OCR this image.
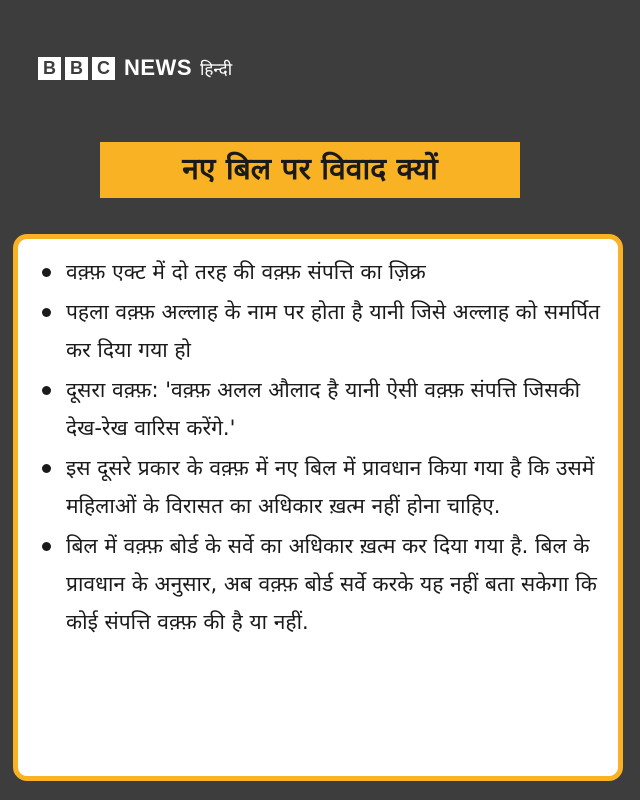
B B C NEWS हिन्दी
नए बिल पर विवाद क्यों
वक़्फ़ एक्ट में दो तरह की वक़्फ़ संपत्ति का ज़िक्र
पहला वक़्फ़ अल्लाह के नाम पर होता है यानी जिसे अल्लाह को समर्पित कर दिया गया हो
दूसरा वक़्फ़: 'वक़्फ़ अलल औलाद है यानी ऐसी वक़्फ़ संपत्ति जिसकी देख-रेख वारिस करेंगे.'
इस दूसरे प्रकार के वक़्फ़ में नए बिल में प्रावधान किया गया है कि उसमें महिलाओं के विरासत का अधिकार ख़त्म नहीं होना चाहिए.
बिल में वक़्फ़ बोर्ड के सर्वे का अधिकार ख़त्म कर दिया गया है. बिल के प्रावधान के अनुसार, अब वक़्फ़ बोर्ड सर्वे करके यह नहीं बता सकेगा कि कोई संपत्ति वक़्फ़ की है या नहीं.
